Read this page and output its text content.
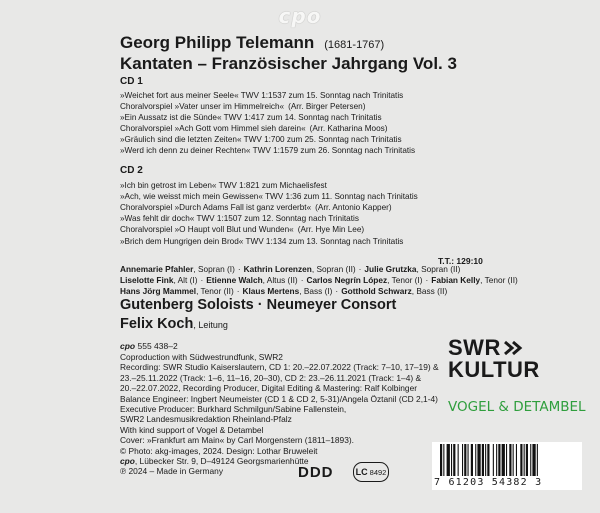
cpo
Georg Philipp Telemann (1681-1767)
Kantaten – Französischer Jahrgang Vol. 3
CD 1
»Weichet fort aus meiner Seele« TWV 1:1537 zum 15. Sonntag nach Trinitatis
Choralvorspiel »Vater unser im Himmelreich« (Arr. Birger Petersen)
»Ein Aussatz ist die Sünde« TWV 1:417 zum 14. Sonntag nach Trinitatis
Choralvorspiel »Ach Gott vom Himmel sieh darein« (Arr. Katharina Moos)
»Gräulich sind die letzten Zeiten« TWV 1:700 zum 25. Sonntag nach Trinitatis
»Werd ich denn zu deiner Rechten« TWV 1:1579 zum 26. Sonntag nach Trinitatis
CD 2
»Ich bin getrost im Leben« TWV 1:821 zum Michaelisfest
»Ach, wie weisst mich mein Gewissen« TWV 1:36 zum 11. Sonntag nach Trinitatis
Choralvorspiel »Durch Adams Fall ist ganz verderbt« (Arr. Antonio Kapper)
»Was fehlt dir doch« TWV 1:1507 zum 12. Sonntag nach Trinitatis
Choralvorspiel »O Haupt voll Blut und Wunden« (Arr. Hye Min Lee)
»Brich dem Hungrigen dein Brod« TWV 1:134 zum 13. Sonntag nach Trinitatis
T.T.: 129:10
Annemarie Pfahler, Sopran (I) · Kathrin Lorenzen, Sopran (II) · Julie Grutzka, Sopran (II)
Liselotte Fink, Alt (I) · Etienne Walch, Altus (II) · Carlos Negrín López, Tenor (I) · Fabian Kelly, Tenor (II)
Hans Jörg Mammel, Tenor (II) · Klaus Mertens, Bass (I) · Gotthold Schwarz, Bass (II)
Gutenberg Soloists · Neumeyer Consort
Felix Koch, Leitung
cpo 555 438–2
Coproduction with Südwestrundfunk, SWR2
Recording: SWR Studio Kaiserslautern, CD 1: 20.–22.07.2022 (Track: 7–10, 17–19) &
23.–25.11.2022 (Track: 1–6, 11–16, 20–30), CD 2: 23.–26.11.2021 (Track: 1–4) &
20.–22.07.2022, Recording Producer, Digital Editing & Mastering: Ralf Kolbinger
Balance Engineer: Ingbert Neumeister (CD 1 & CD 2, 5-31)/Angela Öztanil (CD 2,1-4)
Executive Producer: Burkhard Schmilgun/Sabine Fallenstein,
SWR2 Landesmusikredaktion Rheinland-Pfalz
With kind support of Vogel & Detambel
Cover: »Frankfurt am Main« by Carl Morgenstern (1811–1893).
© Photo: akg-images, 2024. Design: Lothar Bruweleit
cpo, Lübecker Str. 9, D–49124 Georgsmarienhütte
℗ 2024 – Made in Germany
SWR
KULTUR
VOGEL & DETAMBEL
DDD LC 8492
7 61203 54382 3
